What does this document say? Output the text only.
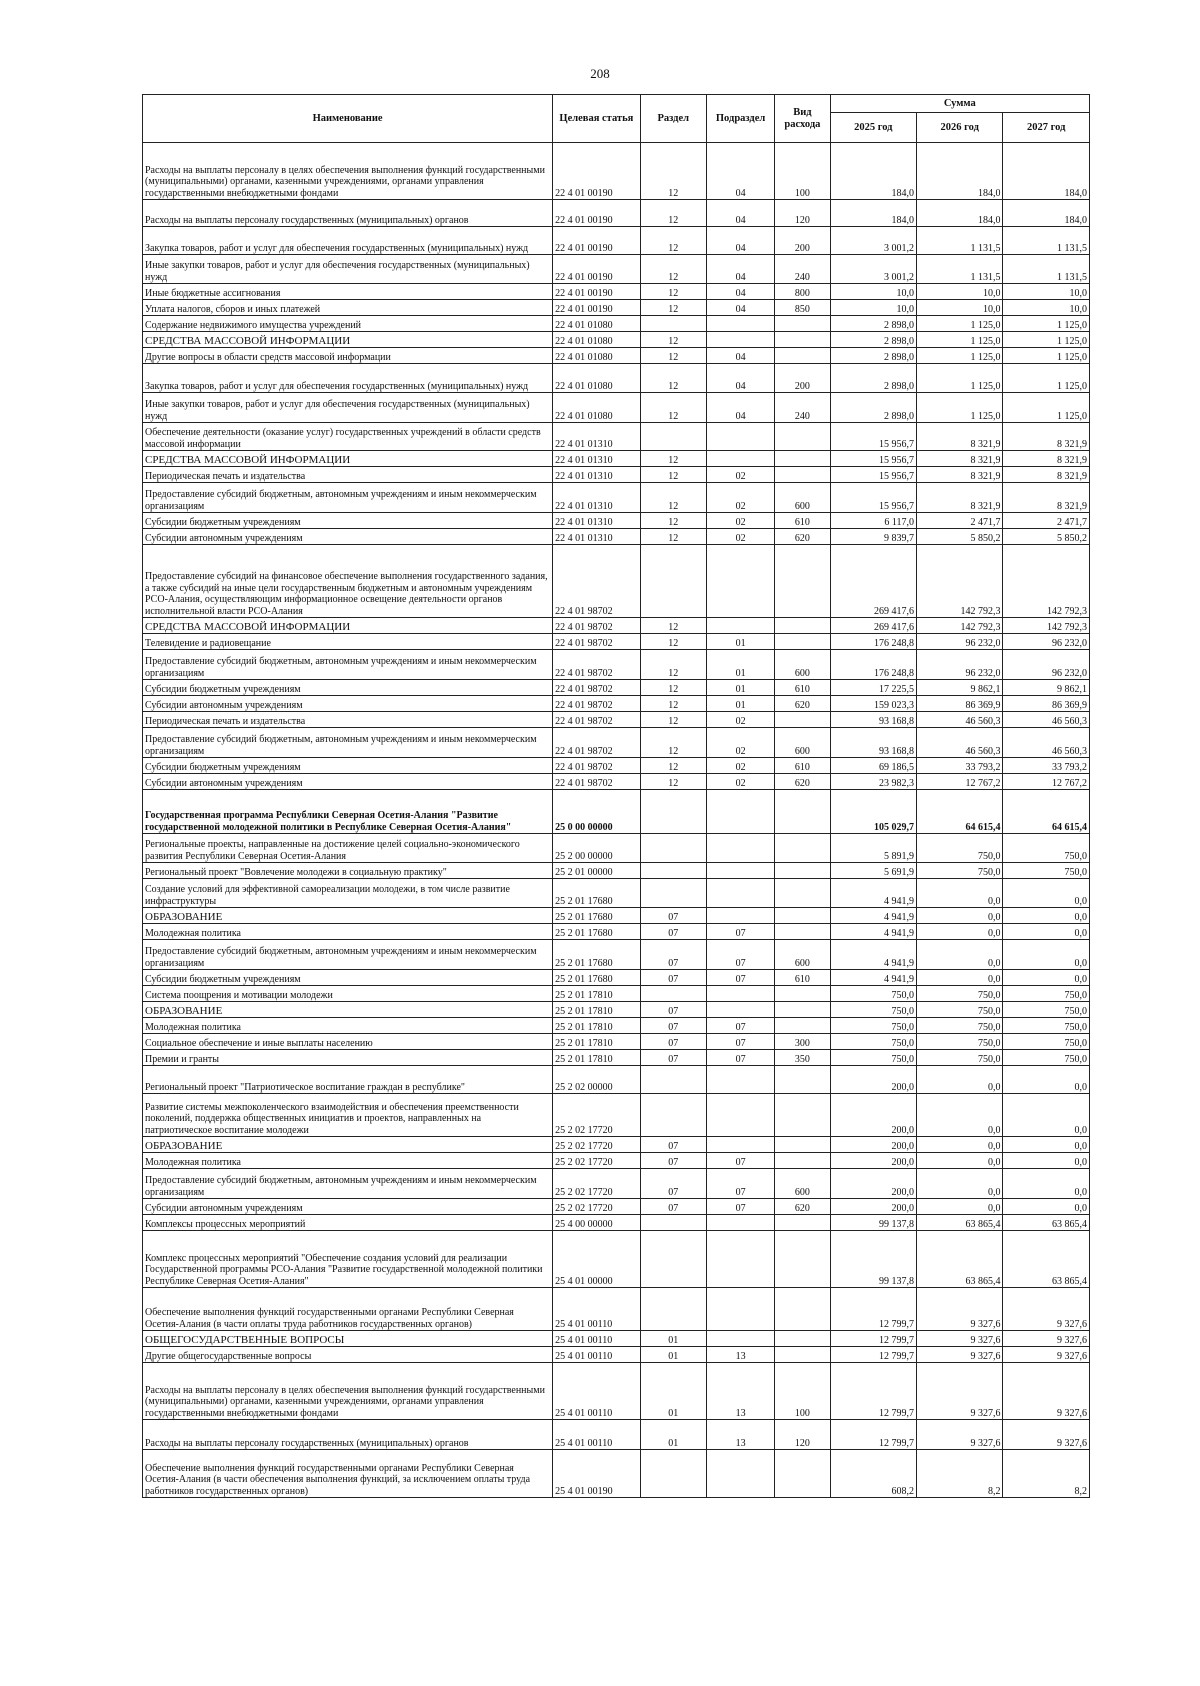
208
Наименование	Целевая статья	Раздел	Подраздел	Вид расхода	Сумма		
					2025 год	2026 год	2027 год
Расходы на выплаты персоналу в целях обеспечения выполнения функций государственными (муниципальными) органами, казенными учреждениями, органами управления государственными внебюджетными фондами	22 4 01 00190	12	04	100	184,0	184,0	184,0
Расходы на выплаты персоналу государственных (муниципальных) органов	22 4 01 00190	12	04	120	184,0	184,0	184,0
Закупка товаров, работ и услуг для обеспечения государственных (муниципальных) нужд	22 4 01 00190	12	04	200	3 001,2	1 131,5	1 131,5
Иные закупки товаров, работ и услуг для обеспечения государственных (муниципальных) нужд	22 4 01 00190	12	04	240	3 001,2	1 131,5	1 131,5
Иные бюджетные ассигнования	22 4 01 00190	12	04	800	10,0	10,0	10,0
Уплата налогов, сборов и иных платежей	22 4 01 00190	12	04	850	10,0	10,0	10,0
Содержание недвижимого имущества учреждений	22 4 01 01080				2 898,0	1 125,0	1 125,0
СРЕДСТВА МАССОВОЙ ИНФОРМАЦИИ	22 4 01 01080	12			2 898,0	1 125,0	1 125,0
Другие вопросы в области средств массовой информации	22 4 01 01080	12	04		2 898,0	1 125,0	1 125,0
Закупка товаров, работ и услуг для обеспечения государственных (муниципальных) нужд	22 4 01 01080	12	04	200	2 898,0	1 125,0	1 125,0
Иные закупки товаров, работ и услуг для обеспечения государственных (муниципальных) нужд	22 4 01 01080	12	04	240	2 898,0	1 125,0	1 125,0
Обеспечение деятельности (оказание услуг) государственных учреждений в области средств массовой информации	22 4 01 01310				15 956,7	8 321,9	8 321,9
СРЕДСТВА МАССОВОЙ ИНФОРМАЦИИ	22 4 01 01310	12			15 956,7	8 321,9	8 321,9
Периодическая печать и издательства	22 4 01 01310	12	02		15 956,7	8 321,9	8 321,9
Предоставление субсидий бюджетным, автономным учреждениям и иным некоммерческим организациям	22 4 01 01310	12	02	600	15 956,7	8 321,9	8 321,9
Субсидии бюджетным учреждениям	22 4 01 01310	12	02	610	6 117,0	2 471,7	2 471,7
Субсидии автономным учреждениям	22 4 01 01310	12	02	620	9 839,7	5 850,2	5 850,2
Предоставление субсидий на финансовое обеспечение выполнения государственного задания, а также субсидий на иные цели государственным бюджетным и автономным учреждениям РСО-Алания, осуществляющим информационное освещение деятельности органов исполнительной власти РСО-Алания	22 4 01 98702				269 417,6	142 792,3	142 792,3
СРЕДСТВА МАССОВОЙ ИНФОРМАЦИИ	22 4 01 98702	12			269 417,6	142 792,3	142 792,3
Телевидение и радиовещание	22 4 01 98702	12	01		176 248,8	96 232,0	96 232,0
Предоставление субсидий бюджетным, автономным учреждениям и иным некоммерческим организациям	22 4 01 98702	12	01	600	176 248,8	96 232,0	96 232,0
Субсидии бюджетным учреждениям	22 4 01 98702	12	01	610	17 225,5	9 862,1	9 862,1
Субсидии автономным учреждениям	22 4 01 98702	12	01	620	159 023,3	86 369,9	86 369,9
Периодическая печать и издательства	22 4 01 98702	12	02		93 168,8	46 560,3	46 560,3
Предоставление субсидий бюджетным, автономным учреждениям и иным некоммерческим организациям	22 4 01 98702	12	02	600	93 168,8	46 560,3	46 560,3
Субсидии бюджетным учреждениям	22 4 01 98702	12	02	610	69 186,5	33 793,2	33 793,2
Субсидии автономным учреждениям	22 4 01 98702	12	02	620	23 982,3	12 767,2	12 767,2
Государственная программа Республики Северная Осетия-Алания "Развитие государственной молодежной политики в Республике Северная Осетия-Алания"	25 0 00 00000				105 029,7	64 615,4	64 615,4
Региональные проекты, направленные на достижение целей социально-экономического развития Республики Северная Осетия-Алания	25 2 00 00000				5 891,9	750,0	750,0
Региональный проект "Вовлечение молодежи в социальную практику"	25 2 01 00000				5 691,9	750,0	750,0
Создание условий для эффективной самореализации молодежи, в том числе развитие инфраструктуры	25 2 01 17680				4 941,9	0,0	0,0
ОБРАЗОВАНИЕ	25 2 01 17680	07			4 941,9	0,0	0,0
Молодежная политика	25 2 01 17680	07	07		4 941,9	0,0	0,0
Предоставление субсидий бюджетным, автономным учреждениям и иным некоммерческим организациям	25 2 01 17680	07	07	600	4 941,9	0,0	0,0
Субсидии бюджетным учреждениям	25 2 01 17680	07	07	610	4 941,9	0,0	0,0
Система поощрения и мотивации молодежи	25 2 01 17810				750,0	750,0	750,0
ОБРАЗОВАНИЕ	25 2 01 17810	07			750,0	750,0	750,0
Молодежная политика	25 2 01 17810	07	07		750,0	750,0	750,0
Социальное обеспечение и иные выплаты населению	25 2 01 17810	07	07	300	750,0	750,0	750,0
Премии и гранты	25 2 01 17810	07	07	350	750,0	750,0	750,0
Региональный проект "Патриотическое воспитание граждан в республике"	25 2 02 00000				200,0	0,0	0,0
Развитие системы межпоколенческого взаимодействия и обеспечения преемственности поколений, поддержка общественных инициатив и проектов, направленных на патриотическое воспитание молодежи	25 2 02 17720				200,0	0,0	0,0
ОБРАЗОВАНИЕ	25 2 02 17720	07			200,0	0,0	0,0
Молодежная политика	25 2 02 17720	07	07		200,0	0,0	0,0
Предоставление субсидий бюджетным, автономным учреждениям и иным некоммерческим организациям	25 2 02 17720	07	07	600	200,0	0,0	0,0
Субсидии автономным учреждениям	25 2 02 17720	07	07	620	200,0	0,0	0,0
Комплексы процессных мероприятий	25 4 00 00000				99 137,8	63 865,4	63 865,4
Комплекс процессных мероприятий "Обеспечение создания условий для реализации Государственной программы РСО-Алания "Развитие государственной молодежной политики Республике Северная Осетия-Алания"	25 4 01 00000				99 137,8	63 865,4	63 865,4
Обеспечение выполнения функций государственными органами Республики Северная Осетия-Алания (в части оплаты труда работников государственных органов)	25 4 01 00110				12 799,7	9 327,6	9 327,6
ОБЩЕГОСУДАРСТВЕННЫЕ ВОПРОСЫ	25 4 01 00110	01			12 799,7	9 327,6	9 327,6
Другие общегосударственные вопросы	25 4 01 00110	01	13		12 799,7	9 327,6	9 327,6
Расходы на выплаты персоналу в целях обеспечения выполнения функций государственными (муниципальными) органами, казенными учреждениями, органами управления государственными внебюджетными фондами	25 4 01 00110	01	13	100	12 799,7	9 327,6	9 327,6
Расходы на выплаты персоналу государственных (муниципальных) органов	25 4 01 00110	01	13	120	12 799,7	9 327,6	9 327,6
Обеспечение выполнения функций государственными органами Республики Северная Осетия-Алания (в части обеспечения выполнения функций, за исключением оплаты труда работников государственных органов)	25 4 01 00190				608,2	8,2	8,2
